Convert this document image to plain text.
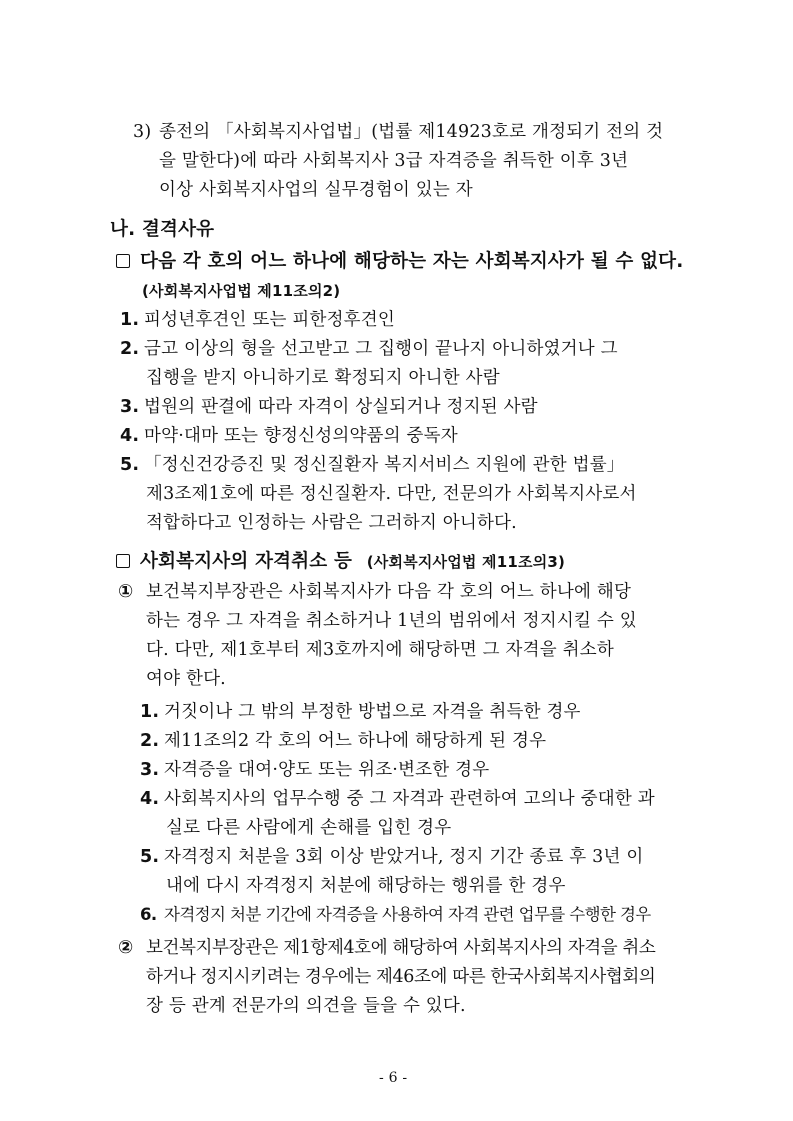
3) 종전의 「사회복지사업법」(법률 제14923호로 개정되기 전의 것
을 말한다)에 따라 사회복지사 3급 자격증을 취득한 이후 3년
이상 사회복지사업의 실무경험이 있는 자
나. 결격사유
다음 각 호의 어느 하나에 해당하는 자는 사회복지사가 될 수 없다.
(사회복지사업법 제11조의2)
1. 피성년후견인 또는 피한정후견인
2. 금고 이상의 형을 선고받고 그 집행이 끝나지 아니하였거나 그
집행을 받지 아니하기로 확정되지 아니한 사람
3. 법원의 판결에 따라 자격이 상실되거나 정지된 사람
4. 마약·대마 또는 향정신성의약품의 중독자
5. 「정신건강증진 및 정신질환자 복지서비스 지원에 관한 법률」
제3조제1호에 따른 정신질환자. 다만, 전문의가 사회복지사로서
적합하다고 인정하는 사람은 그러하지 아니하다.
사회복지사의 자격취소 등 (사회복지사업법 제11조의3)
① 보건복지부장관은 사회복지사가 다음 각 호의 어느 하나에 해당
하는 경우 그 자격을 취소하거나 1년의 범위에서 정지시킬 수 있
다. 다만, 제1호부터 제3호까지에 해당하면 그 자격을 취소하
여야 한다.
1. 거짓이나 그 밖의 부정한 방법으로 자격을 취득한 경우
2. 제11조의2 각 호의 어느 하나에 해당하게 된 경우
3. 자격증을 대여·양도 또는 위조·변조한 경우
4. 사회복지사의 업무수행 중 그 자격과 관련하여 고의나 중대한 과
실로 다른 사람에게 손해를 입힌 경우
5. 자격정지 처분을 3회 이상 받았거나, 정지 기간 종료 후 3년 이
내에 다시 자격정지 처분에 해당하는 행위를 한 경우
6. 자격정지 처분 기간에 자격증을 사용하여 자격 관련 업무를 수행한 경우
② 보건복지부장관은 제1항제4호에 해당하여 사회복지사의 자격을 취소
하거나 정지시키려는 경우에는 제46조에 따른 한국사회복지사협회의
장 등 관계 전문가의 의견을 들을 수 있다.
- 6 -
